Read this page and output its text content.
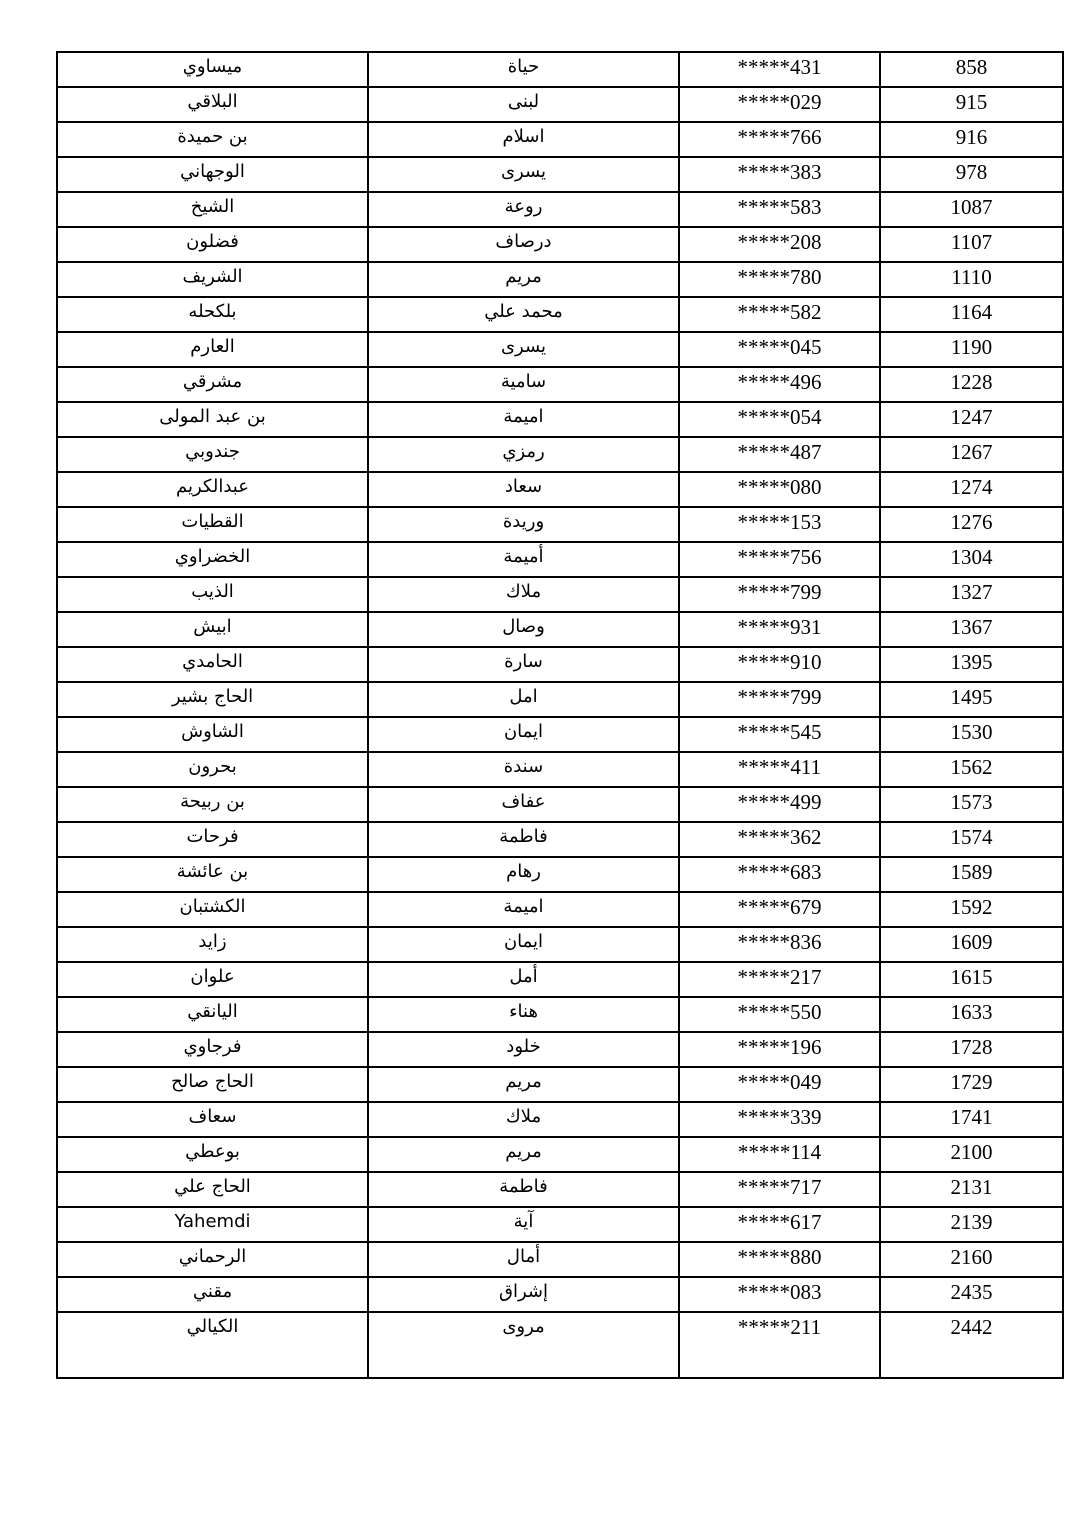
ميساوي	حياة	*****431	858
البلاقي	لبنى	*****029	915
بن حميدة	اسلام	*****766	916
الوجهاني	يسرى	*****383	978
الشيخ	روعة	*****583	1087
فضلون	درصاف	*****208	1107
الشريف	مريم	*****780	1110
بلكحله	محمد علي	*****582	1164
العارم	يسرى	*****045	1190
مشرقي	سامية	*****496	1228
بن عبد المولى	اميمة	*****054	1247
جندوبي	رمزي	*****487	1267
عبدالكريم	سعاد	*****080	1274
القطيات	وريدة	*****153	1276
الخضراوي	أميمة	*****756	1304
الذيب	ملاك	*****799	1327
ابيش	وصال	*****931	1367
الحامدي	سارة	*****910	1395
الحاج بشير	امل	*****799	1495
الشاوش	ايمان	*****545	1530
بحرون	سندة	*****411	1562
بن ربيحة	عفاف	*****499	1573
فرحات	فاطمة	*****362	1574
بن عائشة	رهام	*****683	1589
الكشتبان	اميمة	*****679	1592
زايد	ايمان	*****836	1609
علوان	أمل	*****217	1615
اليانقي	هناء	*****550	1633
فرجاوي	خلود	*****196	1728
الحاج صالح	مريم	*****049	1729
سعاف	ملاك	*****339	1741
بوعطي	مريم	*****114	2100
الحاج علي	فاطمة	*****717	2131
Yahemdi	آية	*****617	2139
الرحماني	أمال	*****880	2160
مقني	إشراق	*****083	2435
الكيالي	مروى	*****211	2442
